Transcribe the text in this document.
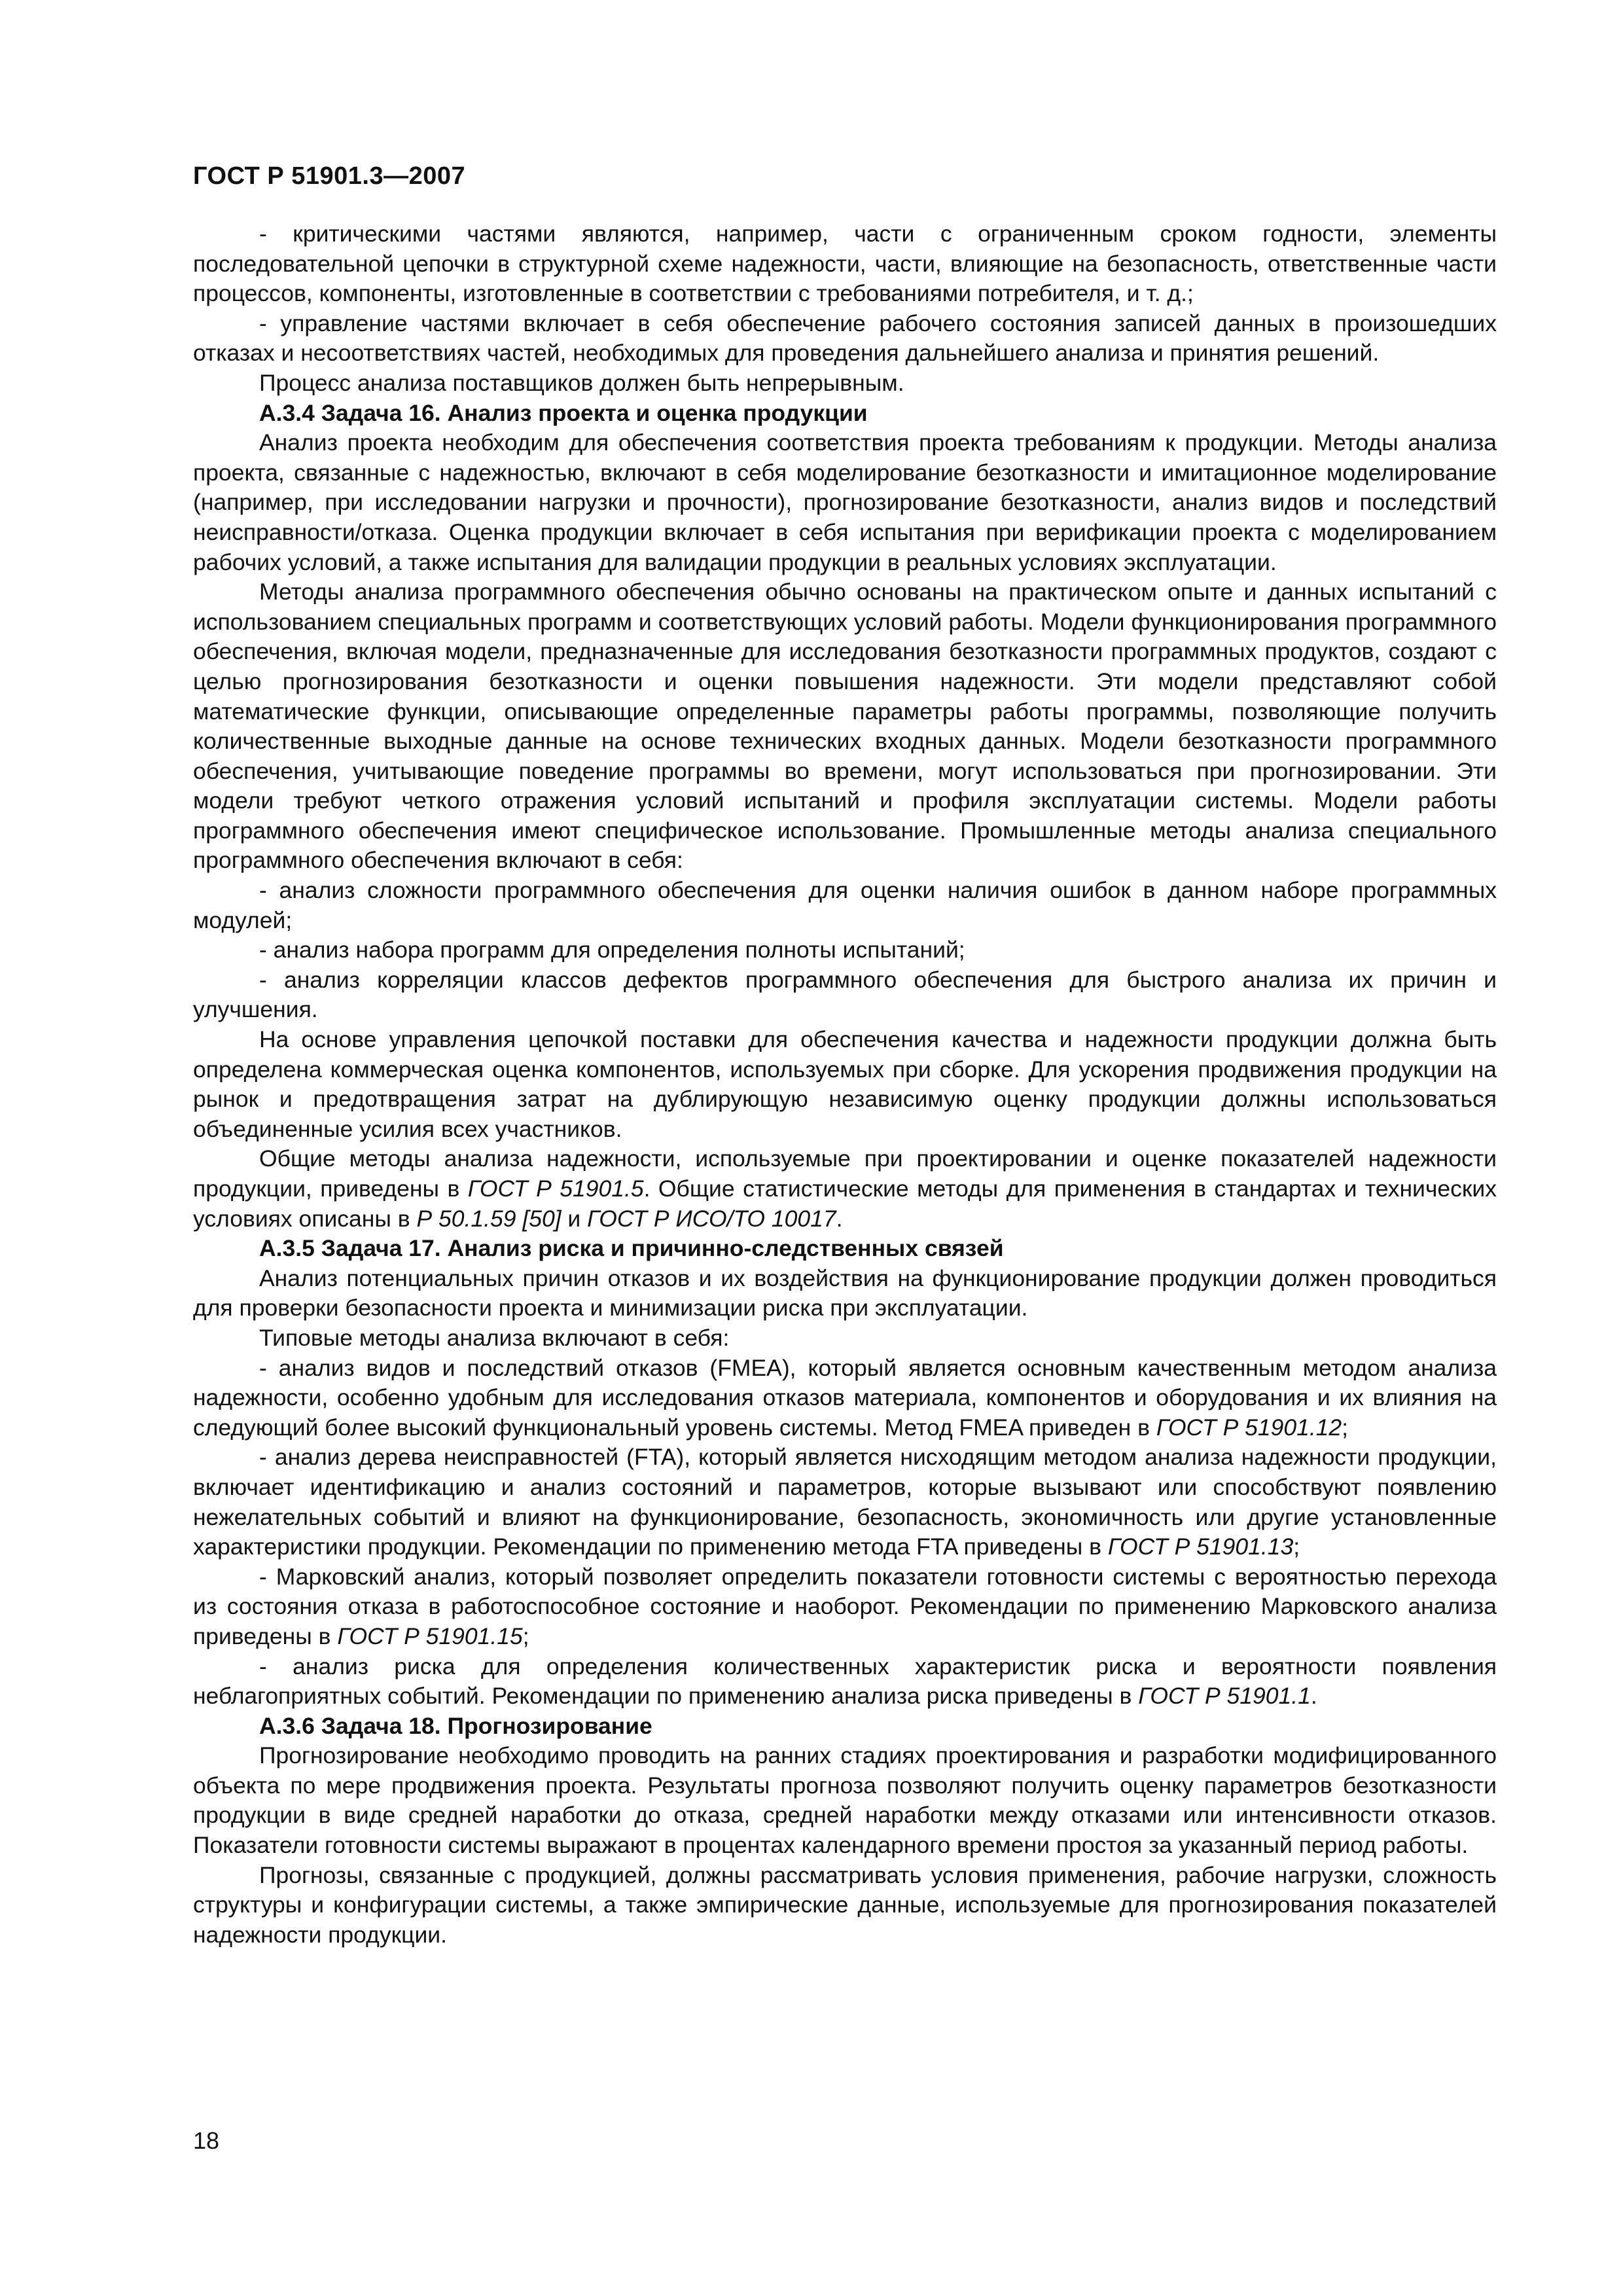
ГОСТ Р 51901.3—2007

- критическими частями являются, например, части с ограниченным сроком годности, элементы последовательной цепочки в структурной схеме надежности, части, влияющие на безопасность, ответственные части процессов, компоненты, изготовленные в соответствии с требованиями потребителя, и т. д.;

- управление частями включает в себя обеспечение рабочего состояния записей данных в произошедших отказах и несоответствиях частей, необходимых для проведения дальнейшего анализа и принятия решений.

Процесс анализа поставщиков должен быть непрерывным.

А.3.4 Задача 16. Анализ проекта и оценка продукции

Анализ проекта необходим для обеспечения соответствия проекта требованиям к продукции. Методы анализа проекта, связанные с надежностью, включают в себя моделирование безотказности и имитационное моделирование (например, при исследовании нагрузки и прочности), прогнозирование безотказности, анализ видов и последствий неисправности/отказа. Оценка продукции включает в себя испытания при верификации проекта с моделированием рабочих условий, а также испытания для валидации продукции в реальных условиях эксплуатации.

Методы анализа программного обеспечения обычно основаны на практическом опыте и данных испытаний с использованием специальных программ и соответствующих условий работы. Модели функционирования программного обеспечения, включая модели, предназначенные для исследования безотказности программных продуктов, создают с целью прогнозирования безотказности и оценки повышения надежности. Эти модели представляют собой математические функции, описывающие определенные параметры работы программы, позволяющие получить количественные выходные данные на основе технических входных данных. Модели безотказности программного обеспечения, учитывающие поведение программы во времени, могут использоваться при прогнозировании. Эти модели требуют четкого отражения условий испытаний и профиля эксплуатации системы. Модели работы программного обеспечения имеют специфическое использование. Промышленные методы анализа специального программного обеспечения включают в себя:

- анализ сложности программного обеспечения для оценки наличия ошибок в данном наборе программных модулей;

- анализ набора программ для определения полноты испытаний;

- анализ корреляции классов дефектов программного обеспечения для быстрого анализа их причин и улучшения.

На основе управления цепочкой поставки для обеспечения качества и надежности продукции должна быть определена коммерческая оценка компонентов, используемых при сборке. Для ускорения продвижения продукции на рынок и предотвращения затрат на дублирующую независимую оценку продукции должны использоваться объединенные усилия всех участников.

Общие методы анализа надежности, используемые при проектировании и оценке показателей надежности продукции, приведены в ГОСТ Р 51901.5. Общие статистические методы для применения в стандартах и технических условиях описаны в Р 50.1.59 [50] и ГОСТ Р ИСО/ТО 10017.

А.3.5 Задача 17. Анализ риска и причинно-следственных связей

Анализ потенциальных причин отказов и их воздействия на функционирование продукции должен проводиться для проверки безопасности проекта и минимизации риска при эксплуатации.

Типовые методы анализа включают в себя:

- анализ видов и последствий отказов (FMEA), который является основным качественным методом анализа надежности, особенно удобным для исследования отказов материала, компонентов и оборудования и их влияния на следующий более высокий функциональный уровень системы. Метод FMEA приведен в ГОСТ Р 51901.12;

- анализ дерева неисправностей (FTA), который является нисходящим методом анализа надежности продукции, включает идентификацию и анализ состояний и параметров, которые вызывают или способствуют появлению нежелательных событий и влияют на функционирование, безопасность, экономичность или другие установленные характеристики продукции. Рекомендации по применению метода FTA приведены в ГОСТ Р 51901.13;

- Марковский анализ, который позволяет определить показатели готовности системы с вероятностью перехода из состояния отказа в работоспособное состояние и наоборот. Рекомендации по применению Марковского анализа приведены в ГОСТ Р 51901.15;

- анализ риска для определения количественных характеристик риска и вероятности появления неблагоприятных событий. Рекомендации по применению анализа риска приведены в ГОСТ Р 51901.1.

А.3.6 Задача 18. Прогнозирование

Прогнозирование необходимо проводить на ранних стадиях проектирования и разработки модифицированного объекта по мере продвижения проекта. Результаты прогноза позволяют получить оценку параметров безотказности продукции в виде средней наработки до отказа, средней наработки между отказами или интенсивности отказов. Показатели готовности системы выражают в процентах календарного времени простоя за указанный период работы.

Прогнозы, связанные с продукцией, должны рассматривать условия применения, рабочие нагрузки, сложность структуры и конфигурации системы, а также эмпирические данные, используемые для прогнозирования показателей надежности продукции.

18
